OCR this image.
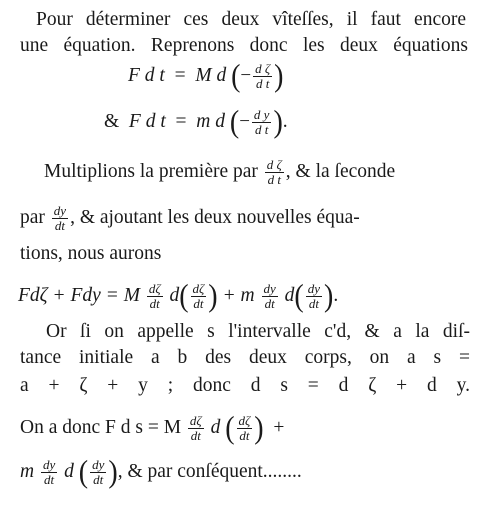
Pour déterminer ces deux vîteſſes, il faut encore
une équation. Reprenons donc les deux équations
F d t = M d (− $\frac{\text{d ζ}}{\text{d t}}$ )
& F d t = m d (− $\frac{\text{d y}}{\text{d t}}$ ).
Multiplions la première par $\frac{\text{d ζ}}{\text{d t}}$ , & la ſeconde
par $\frac{dy}{dt}$ , & ajoutant les deux nouvelles équa-
tions, nous aurons
Fdζ + Fdy = M $\frac{d\zeta}{dt} d( \frac{d\zeta}{dt}$ ) + m $\frac{dy}{dt} d( \frac{dy}{dt}$ ).
Or ſi on appelle s l'intervalle c'd, & a la diſ-
tance initiale a b des deux corps, on a s =
a + ζ + y ; donc d s = d ζ + d y.
On a donc F d s = M $\frac{d\zeta}{dt}$ d ( $\frac{d\zeta}{dt}$ ) +
m $\frac{dy}{dt}$ d ( $\frac{dy}{dt}$ ), & par conſéquent........
